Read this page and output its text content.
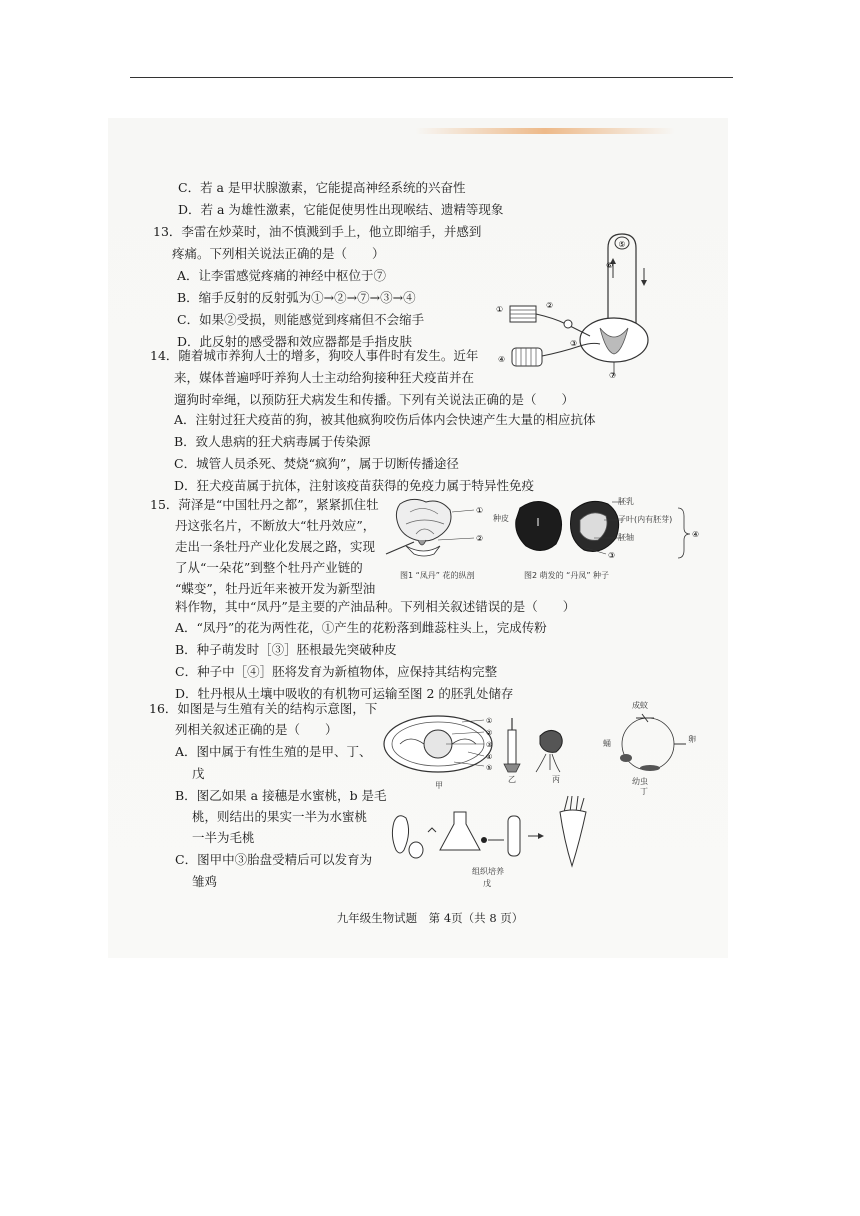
C．若 a 是甲状腺激素，它能提高神经系统的兴奋性
D．若 a 为雄性激素，它能促使男性出现喉结、遗精等现象
13．李雷在炒菜时，油不慎溅到手上，他立即缩手，并感到
疼痛。下列相关说法正确的是（　　）
A．让李雷感觉疼痛的神经中枢位于⑦
B．缩手反射的反射弧为①→②→⑦→③→④
C．如果②受损，则能感觉到疼痛但不会缩手
D．此反射的感受器和效应器都是手指皮肤
⑤
⑥
①	②
③
④
⑦
14．随着城市养狗人士的增多，狗咬人事件时有发生。近年
来，媒体普遍呼吁养狗人士主动给狗接种狂犬疫苗并在
遛狗时牵绳，以预防狂犬病发生和传播。下列有关说法正确的是（　　）
A．注射过狂犬疫苗的狗，被其他疯狗咬伤后体内会快速产生大量的相应抗体
B．致人患病的狂犬病毒属于传染源
C．城管人员杀死、焚烧“疯狗”，属于切断传播途径
D．狂犬疫苗属于抗体，注射该疫苗获得的免疫力属于特异性免疫
15．菏泽是“中国牡丹之都”，紧紧抓住牡
丹这张名片，不断放大“牡丹效应”，
走出一条牡丹产业化发展之路，实现
了从“一朵花”到整个牡丹产业链的
“蝶变”，牡丹近年来被开发为新型油
料作物，其中“凤丹”是主要的产油品种。下列相关叙述错误的是（　　）
A．“凤丹”的花为两性花，①产生的花粉落到雌蕊柱头上，完成传粉
B．种子萌发时［③］胚根最先突破种皮
C．种子中［④］胚将发育为新植物体，应保持其结构完整
D．牡丹根从土壤中吸收的有机物可运输至图 2 的胚乳处储存
①
②	④
③
胚乳
子叶(内有胚芽)
胚轴
种皮
图1 “凤丹” 花的纵剖	图2 萌发的 “丹凤” 种子
16．如图是与生殖有关的结构示意图，下
列相关叙述正确的是（　　）
A．图中属于有性生殖的是甲、丁、
戊
B．图乙如果 a 接穗是水蜜桃，b 是毛
桃，则结出的果实一半为水蜜桃
一半为毛桃
C．图甲中③胎盘受精后可以发育为
雏鸡
①
②
③
④
⑤
甲
乙	丙
成蚊
卵
蛹
幼虫
丁
组织培养
戊
九年级生物试题　第 4页（共 8 页）
